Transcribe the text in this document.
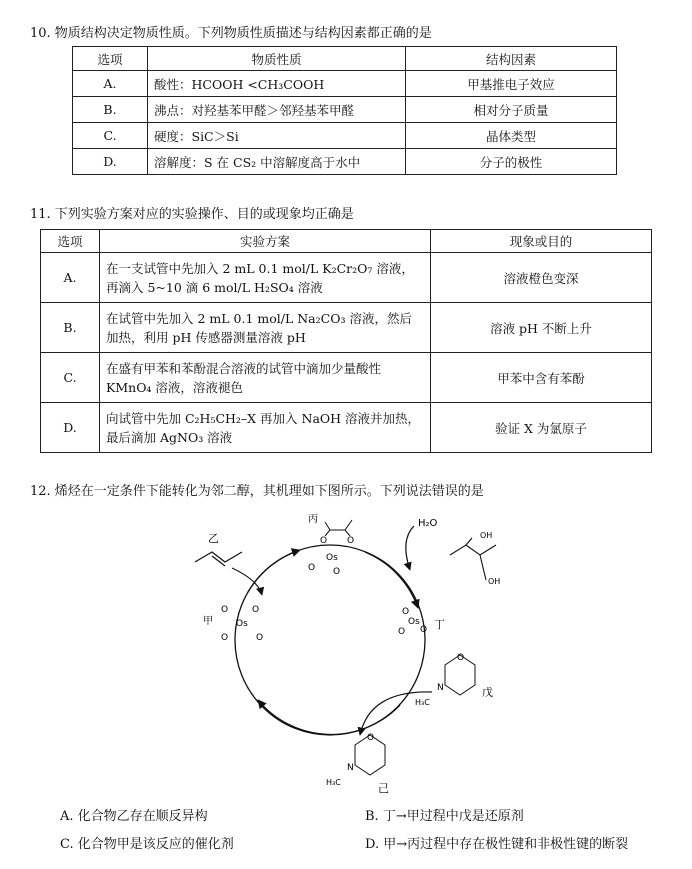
10. 物质结构决定物质性质。下列物质性质描述与结构因素都正确的是
选项	物质性质	结构因素
A.	酸性：HCOOH <CH₃COOH	甲基推电子效应
B.	沸点：对羟基苯甲醛＞邻羟基苯甲醛	相对分子质量
C.	硬度：SiC＞Si	晶体类型
D.	溶解度：S 在 CS₂ 中溶解度高于水中	分子的极性
11. 下列实验方案对应的实验操作、目的或现象均正确是
选项	实验方案	现象或目的
A.	在一支试管中先加入 2 mL 0.1 mol/L K₂Cr₂O₇ 溶液，再滴入 5~10 滴 6 mol/L H₂SO₄ 溶液	溶液橙色变深
B.	在试管中先加入 2 mL 0.1 mol/L Na₂CO₃ 溶液，然后加热，利用 pH 传感器测量溶液 pH	溶液 pH 不断上升
C.	在盛有甲苯和苯酚混合溶液的试管中滴加少量酸性 KMnO₄ 溶液，溶液褪色	甲苯中含有苯酚
D.	向试管中先加 C₂H₅CH₂–X 再加入 NaOH 溶液并加热，最后滴加 AgNO₃ 溶液	验证 X 为氯原子
12. 烯烃在一定条件下能转化为邻二醇，其机理如下图所示。下列说法错误的是
乙
丙
O O
Os
O O
H₂O
OH
OH
O
Os
O
O
丁
甲
O	O
Os
O	O
O
N
H₃C
戊
O
N
H₃C	己
A. 化合物乙存在顺反异构	B. 丁→甲过程中戊是还原剂
C. 化合物甲是该反应的催化剂	D. 甲→丙过程中存在极性键和非极性键的断裂
